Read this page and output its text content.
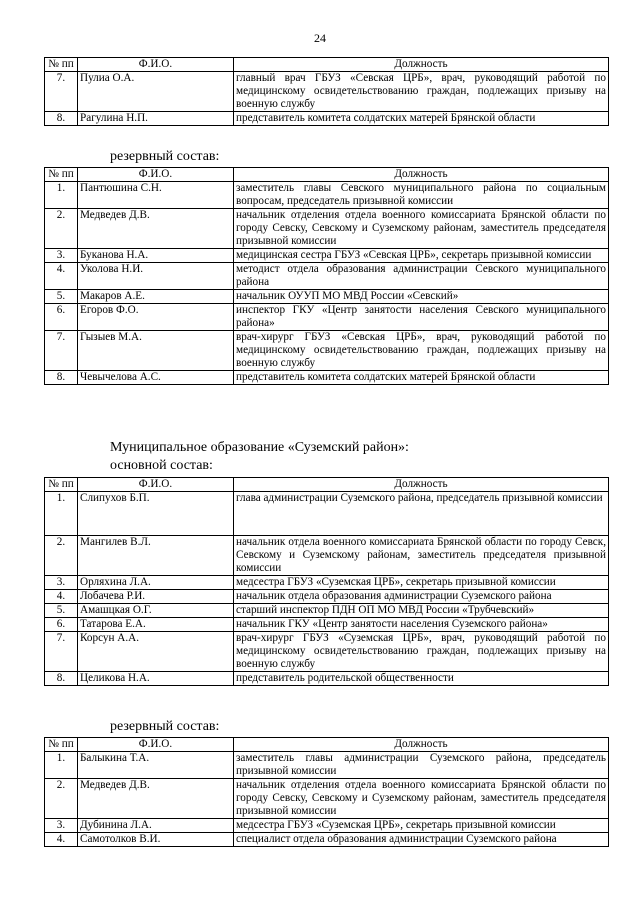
24
№ пп	Ф.И.О.	Должность
7.	Пулиа О.А.	главный врач ГБУЗ «Севская ЦРБ», врач, руководящий работой по медицинскому освидетельствованию граждан, подлежащих призыву на военную службу
8.	Рагулина Н.П.	представитель комитета солдатских матерей Брянской области
резервный состав:
№ пп	Ф.И.О.	Должность
1.	Пантюшина С.Н.	заместитель главы Севского муниципального района по социальным вопросам, председатель призывной комиссии
2.	Медведев Д.В.	начальник отделения отдела военного комиссариата Брянской области по городу Севску, Севскому и Суземскому районам, заместитель председателя призывной комиссии
3.	Буканова Н.А.	медицинская сестра ГБУЗ «Севская ЦРБ», секретарь призывной комиссии
4.	Уколова Н.И.	методист отдела образования администрации Севского муниципального района
5.	Макаров А.Е.	начальник ОУУП МО МВД России «Севский»
6.	Егоров Ф.О.	инспектор ГКУ «Центр занятости населения Севского муниципального района»
7.	Гызыев М.А.	врач-хирург ГБУЗ «Севская ЦРБ», врач, руководящий работой по медицинскому освидетельствованию граждан, подлежащих призыву на военную службу
8.	Чевычелова А.С.	представитель комитета солдатских матерей Брянской области
Муниципальное образование «Суземский район»:
основной состав:
№ пп	Ф.И.О.	Должность
1.	Слипухов Б.П.	глава администрации Суземского района, председатель призывной комиссии
2.	Мангилев В.Л.	начальник отдела военного комиссариата Брянской области по городу Севск, Севскому и Суземскому районам, заместитель председателя призывной комиссии
3.	Орляхина Л.А.	медсестра ГБУЗ «Суземская ЦРБ», секретарь призывной комиссии
4.	Лобачева Р.И.	начальник отдела образования администрации Суземского района
5.	Амашцкая О.Г.	старший инспектор ПДН ОП МО МВД России «Трубчевский»
6.	Татарова Е.А.	начальник ГКУ «Центр занятости населения Суземского района»
7.	Корсун А.А.	врач-хирург ГБУЗ «Суземская ЦРБ», врач, руководящий работой по медицинскому освидетельствованию граждан, подлежащих призыву на военную службу
8.	Целикова Н.А.	представитель родительской общественности
резервный состав:
№ пп	Ф.И.О.	Должность
1.	Балыкина Т.А.	заместитель главы администрации Суземского района, председатель призывной комиссии
2.	Медведев Д.В.	начальник отделения отдела военного комиссариата Брянской области по городу Севску, Севскому и Суземскому районам, заместитель председателя призывной комиссии
3.	Дубинина Л.А.	медсестра ГБУЗ «Суземская ЦРБ», секретарь призывной комиссии
4.	Самотолков В.И.	специалист отдела образования администрации Суземского района
